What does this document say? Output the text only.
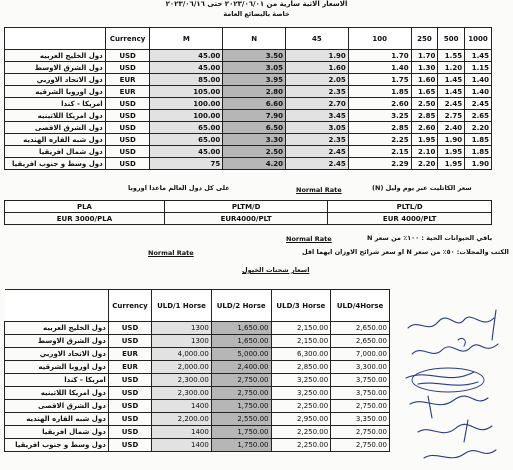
الاسعار الاتية سارية من ٢٠٢٣/٠٦/٠١ حتى ٢٠٢٣/٠٦/١٦
خاصة بالبضائع العامة
	Currency	M	N	45	100	250	500	1000
دول الخليج العربيه	USD	45.00	3.50	1.90	1.70	1.70	1.55	1.45
دول الشرق الاوسط	USD	45.00	3.05	1.60	1.40	1.30	1.20	1.15
دول الاتحاد الاوربي	EUR	85.00	3.95	2.05	1.75	1.60	1.45	1.40
دول اوروبا الشرقيه	EUR	105.00	2.80	2.35	1.85	1.65	1.45	1.40
امريكا - كندا	USD	100.00	6.60	2.70	2.60	2.50	2.45	2.45
دول امريكا اللاتينيه	USD	100.00	7.90	3.45	3.25	2.85	2.75	2.65
دول الشرق الاقصى	USD	65.00	6.50	3.05	2.85	2.60	2.40	2.20
دول شبه القاره الهنديه	USD	65.00	3.30	2.35	2.25	1.95	1.90	1.85
دول شمال افريقيا	USD	45.00	2.50	2.45	2.15	2.10	1.95	1.85
دول وسط و جنوب افريقيا	USD	75	4.20	2.45	2.29	2.20	1.95	1.90
على كل دول العالم ماعدا اوروبا	Normal Rate	سعر الكاتليت عبر يوم وليل (N)
PLA	PLTM/D	PLTL/D
EUR 3000/PLA	EUR4000/PLT	EUR 4000/PLT
Normal Rate	باقي الحيوانات الحية : ١٠٠٪ من سعر N
Normal Rate	الكتب والمجلات: ٥٠٪ من سعر N او سعر شرائح الاوزان ايهما اقل
اسعار شحنات الخيول
	Currency	ULD/1 Horse	ULD/2 Horse	ULD/3 Horse	ULD/4Horse
دول الخليج العربيه	USD	1300	1,650.00	2,150.00	2,650.00
دول الشرق الاوسط	USD	1300	1,650.00	2,150.00	2,650.00
دول الاتحاد الاوربي	EUR	4,000.00	5,000.00	6,300.00	7,000.00
دول اوروبا الشرقيه	EUR	2,000.00	2,400.00	2,850.00	3,300.00
امريكا - كندا	USD	2,300.00	2,750.00	3,250.00	3,750.00
دول امريكا اللاتينيه	USD	2,300.00	2,750.00	3,250.00	3,750.00
دول الشرق الاقصى	USD	1400	1,750.00	2,250.00	2,750.00
دول شبه القاره الهنديه	USD	2,200.00	2,550.00	2,950.00	3,350.00
دول شمال افريقيا	USD	1400	1,750.00	2,250.00	2,750.00
دول وسط و جنوب افريقيا	USD	1400	1,750.00	2,250.00	2,750.00
